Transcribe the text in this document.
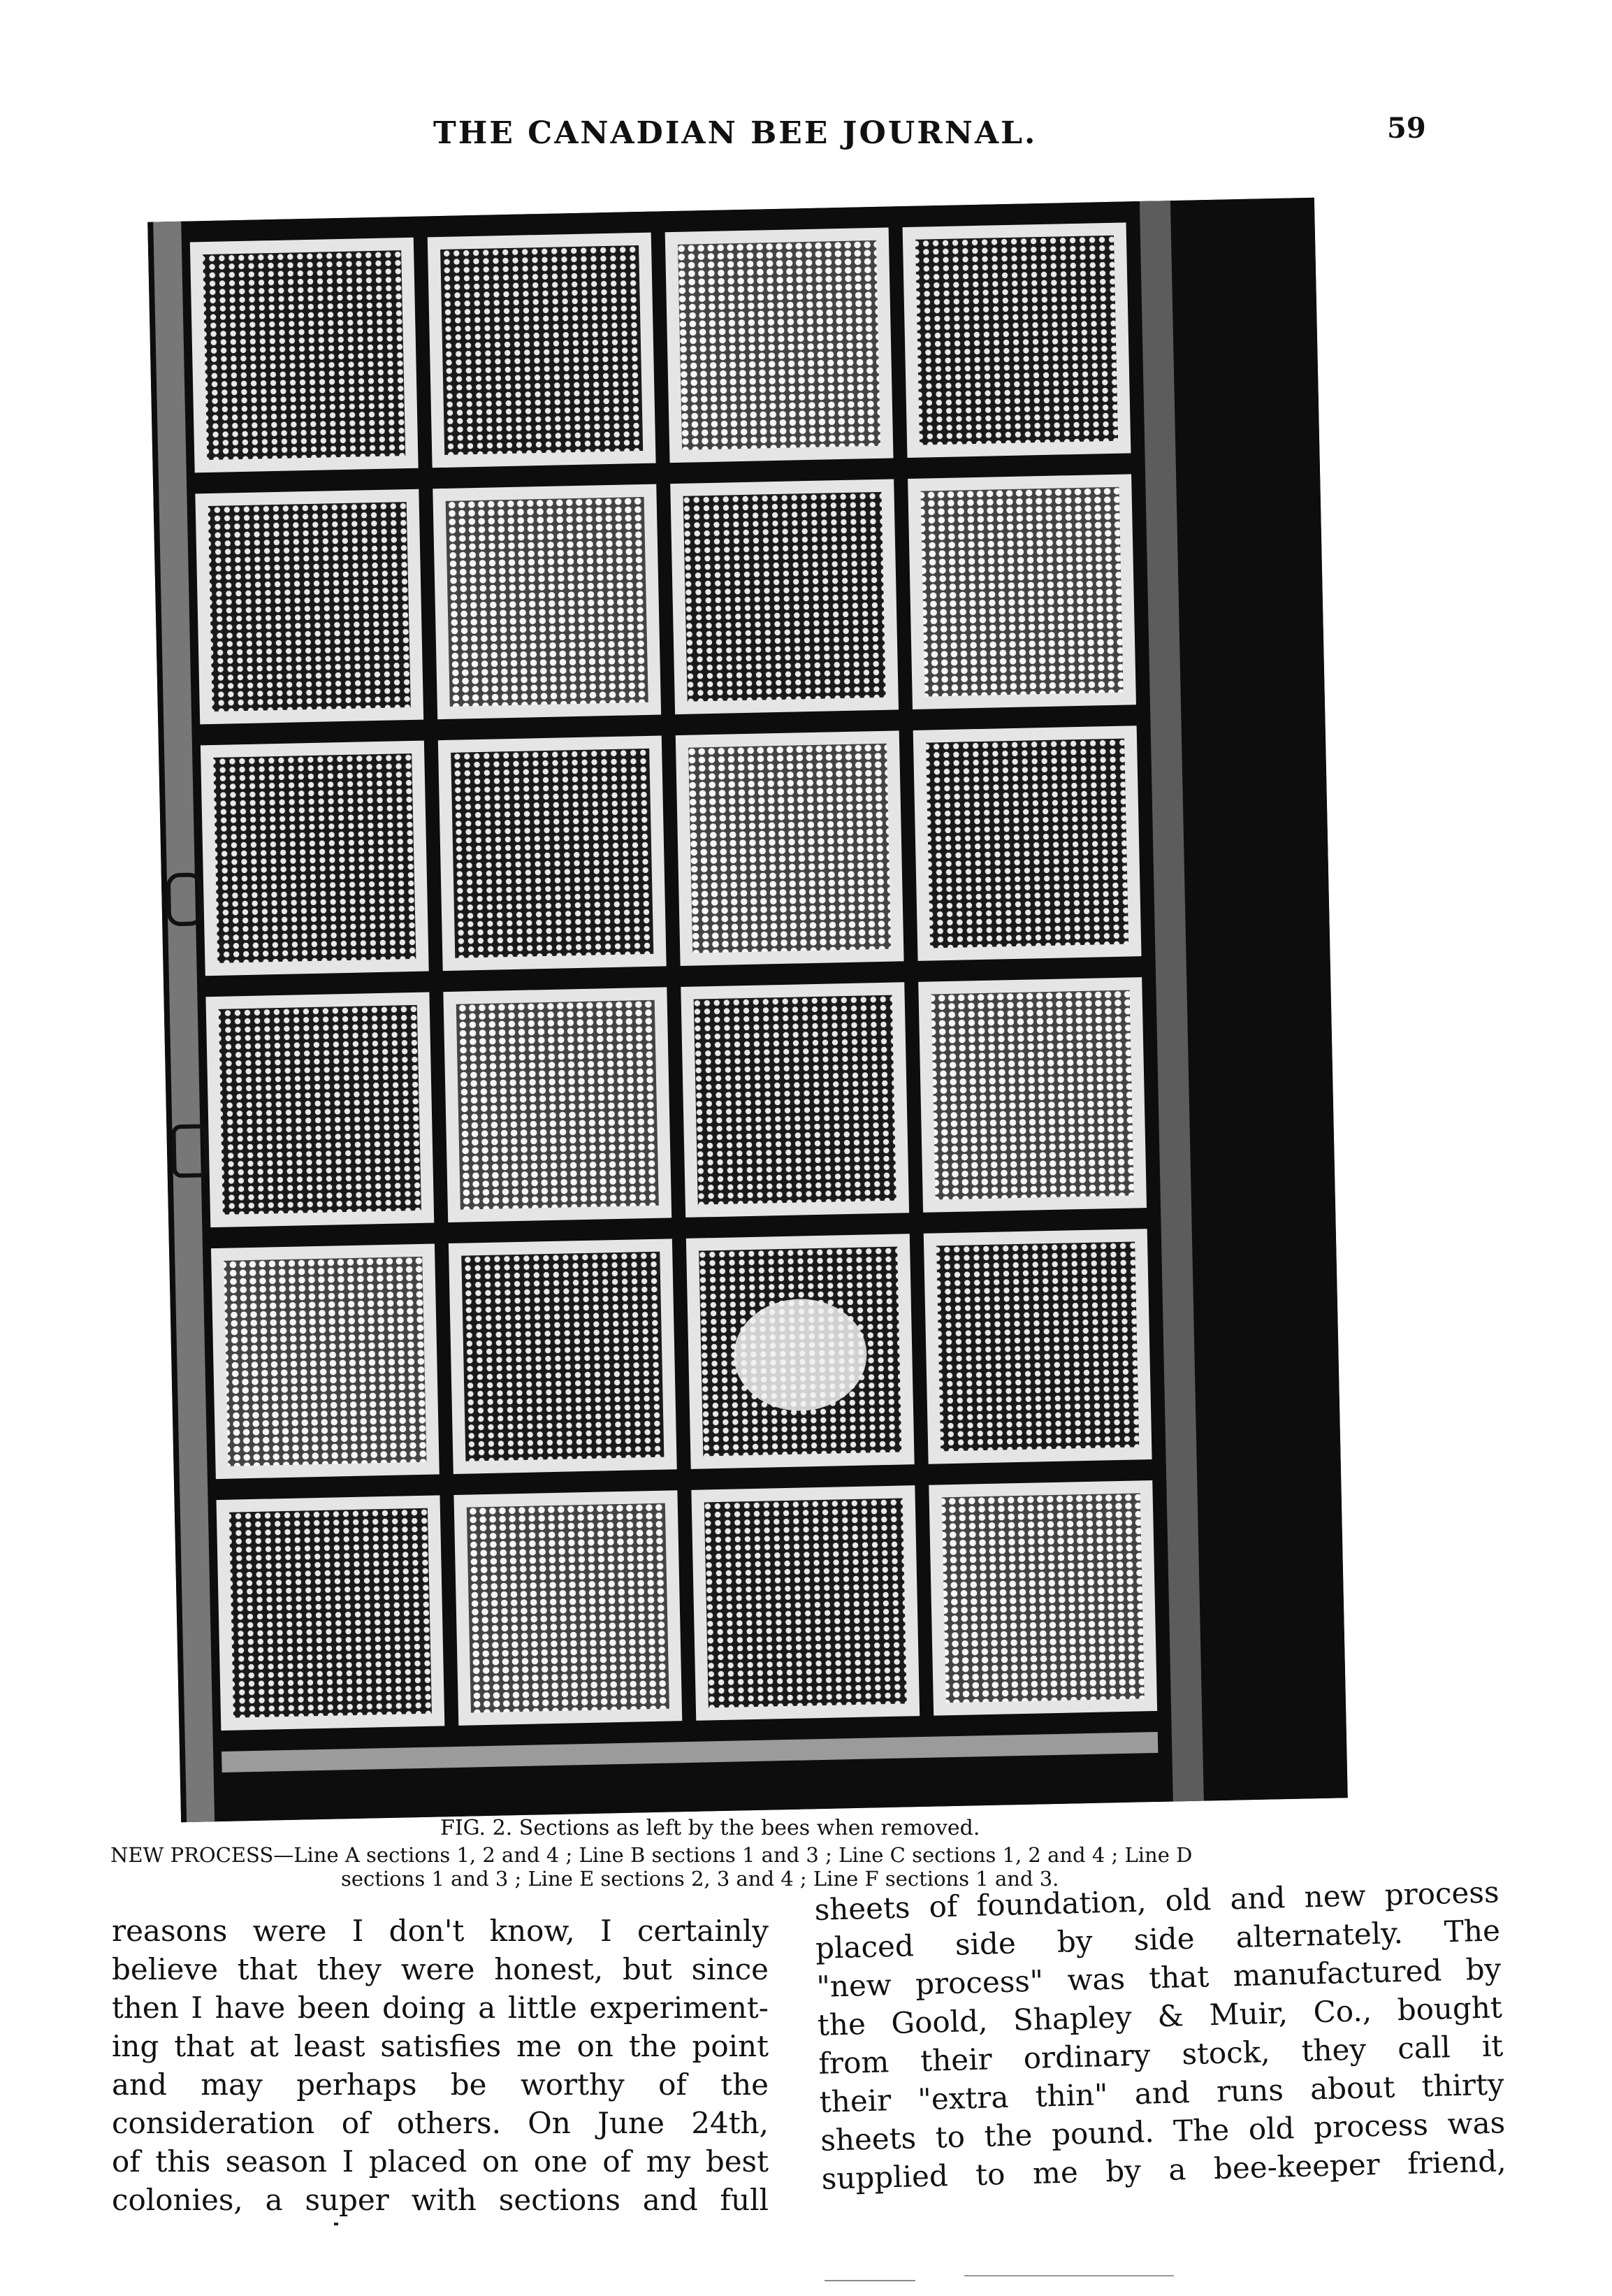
THE CANADIAN BEE JOURNAL.	59
FIG. 2. Sections as left by the bees when removed.
NEW PROCESS—Line A sections 1, 2 and 4 ; Line B sections 1 and 3 ; Line C sections 1, 2 and 4 ; Line D
sections 1 and 3 ; Line E sections 2, 3 and 4 ; Line F sections 1 and 3.
reasons were I don't know, I certainly
believe that they were honest, but since
then I have been doing a little experiment-
ing that at least satisfies me on the point
and may perhaps be worthy of the
consideration of others. On June 24th,
of this season I placed on one of my best
colonies, a super with sections and full
sheets of foundation, old and new process
placed side by side alternately. The
"new process" was that manufactured by
the Goold, Shapley & Muir, Co., bought
from their ordinary stock, they call it
their "extra thin" and runs about thirty
sheets to the pound. The old process was
supplied to me by a bee-keeper friend,
